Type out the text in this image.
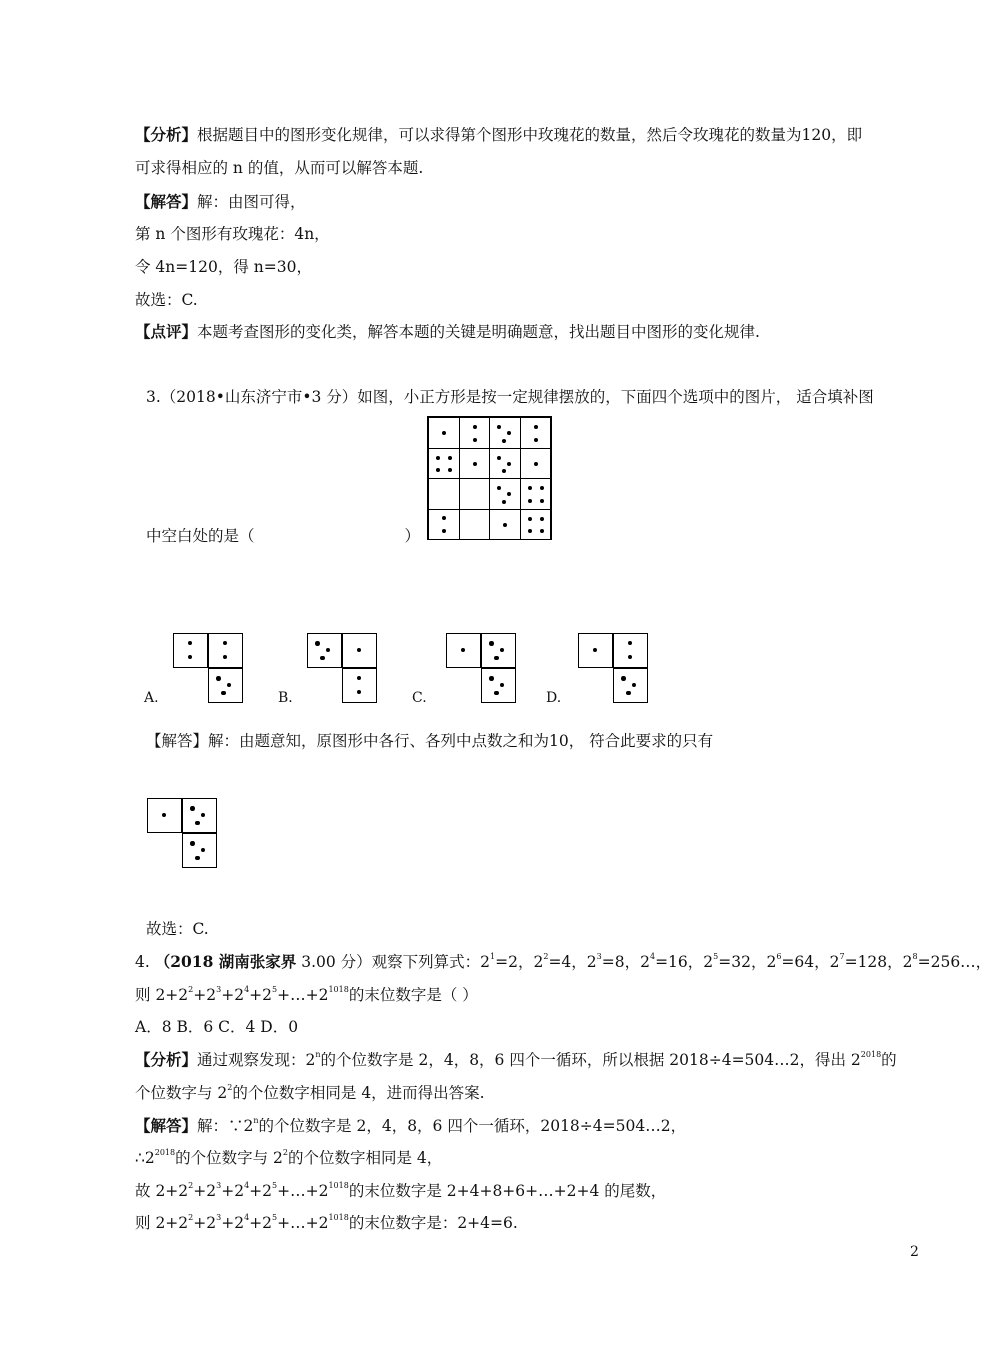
【分析】根据题目中的图形变化规律，可以求得第个图形中玫瑰花的数量，然后令玫瑰花的数量为120，即
可求得相应的 n 的值，从而可以解答本题.
【解答】解：由图可得，
第 n 个图形有玫瑰花：4n，
令 4n=120，得 n=30，
故选：C.
【点评】本题考查图形的变化类，解答本题的关键是明确题意，找出题目中图形的变化规律.
3.（2018•山东济宁市•3 分）如图，小正方形是按一定规律摆放的，下面四个选项中的图片， 适合填补图
中空白处的是（	）
A.	B.	C.	D.
【解答】解：由题意知，原图形中各行、各列中点数之和为10， 符合此要求的只有
故选：C.
4. （2018 湖南张家界 3.00 分）观察下列算式：$2^1=2$，$2^2=4$，$2^3=8$，$2^4=16$，$2^5=32$，$2^6=64$，$2^7=128$，$2^8=256\dots$，
则 $2+2^2+2^3+2^4+2^5+\dots+2^{1018}$的末位数字是（ ）
A．8 B．6 C．4 D．0
【分析】通过观察发现：2$^n$的个位数字是 2，4，8，6 四个一循环，所以根据 2018÷4=504…2，得出 $2^{2018}$的
个位数字与 $2^2$的个位数字相同是 4，进而得出答案.
【解答】解：∵2$^n$的个位数字是 2，4，8，6 四个一循环，2018÷4=504…2，
$\therefore 2^{2018}$的个位数字与 $2^2$的个位数字相同是 4，
故 $2+2^2+2^3+2^4+2^5+\dots+2^{1018}$的末位数字是 2+4+8+6+…+2+4 的尾数，
则 $2+2^2+2^3+2^4+2^5+\dots+2^{1018}$的末位数字是：2+4=6.
2
